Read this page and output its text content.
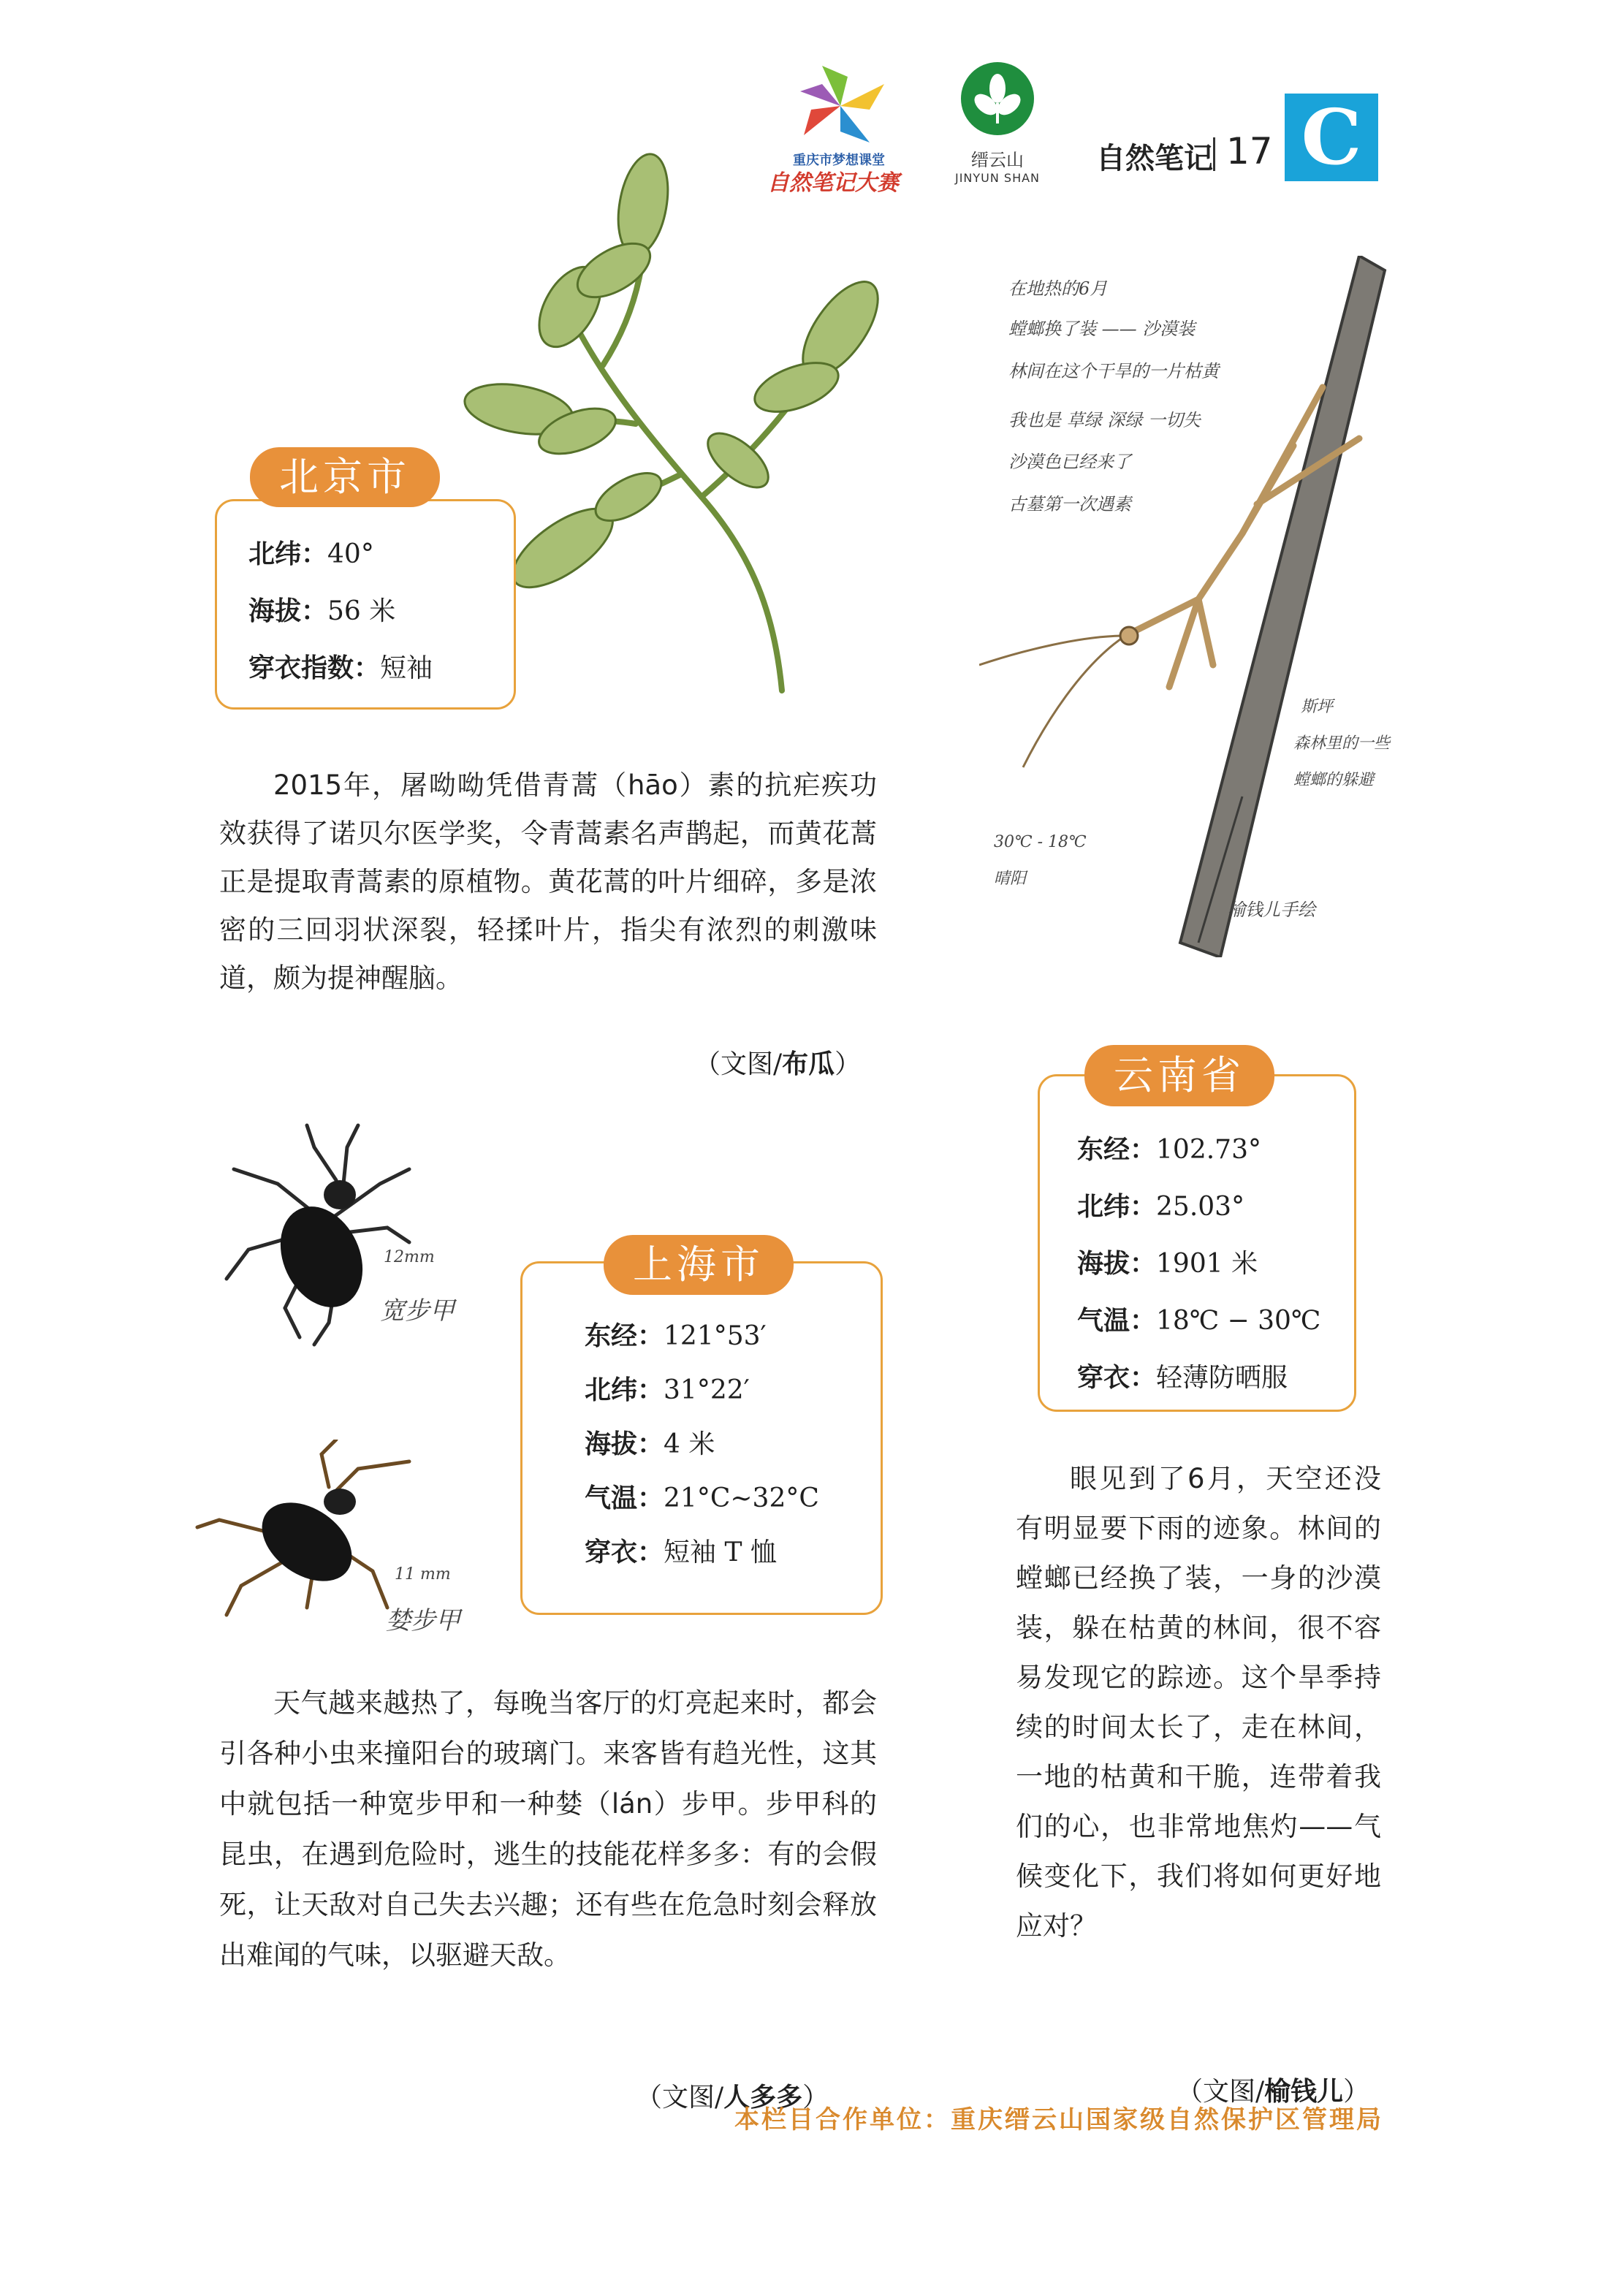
重庆市梦想课堂
自然笔记大赛
缙云山
JINYUN SHAN
自然笔记 17 C
在地热的6月
螳螂换了装 —— 沙漠装
林间在这个干旱的一片枯黄
我也是 草绿 深绿 一切失
沙漠色已经来了
古墓第一次遇素
斯坪
森林里的一些
螳螂的躲避
30℃ - 18℃
晴阳
榆钱儿手绘
北京市
北纬：40°
海拔：56 米
穿衣指数：短袖
2015年，屠呦呦凭借青蒿（hāo）素的抗疟疾功效获得了诺贝尔医学奖，令青蒿素名声鹊起，而黄花蒿正是提取青蒿素的原植物。黄花蒿的叶片细碎，多是浓密的三回羽状深裂，轻揉叶片，指尖有浓烈的刺激味道，颇为提神醒脑。
（文图/布瓜）	云南省
东经：102.73°
北纬：25.03°
海拔：1901 米
气温：18℃ − 30℃
穿衣：轻薄防晒服
眼见到了6月，天空还没有明显要下雨的迹象。林间的螳螂已经换了装，一身的沙漠装，躲在枯黄的林间，很不容易发现它的踪迹。这个旱季持续的时间太长了，走在林间，一地的枯黄和干脆，连带着我们的心，也非常地焦灼——气候变化下，我们将如何更好地应对？
（文图/榆钱儿）
12mm
宽步甲
11 mm
婪步甲
上海市
东经：121°53′
北纬：31°22′
海拔：4 米
气温：21°C~32°C
穿衣：短袖 T 恤
天气越来越热了，每晚当客厅的灯亮起来时，都会引各种小虫来撞阳台的玻璃门。来客皆有趋光性，这其中就包括一种宽步甲和一种婪（lán）步甲。步甲科的昆虫，在遇到危险时，逃生的技能花样多多：有的会假死，让天敌对自己失去兴趣；还有些在危急时刻会释放出难闻的气味，以驱避天敌。
（文图/人多多）
本栏目合作单位：重庆缙云山国家级自然保护区管理局
